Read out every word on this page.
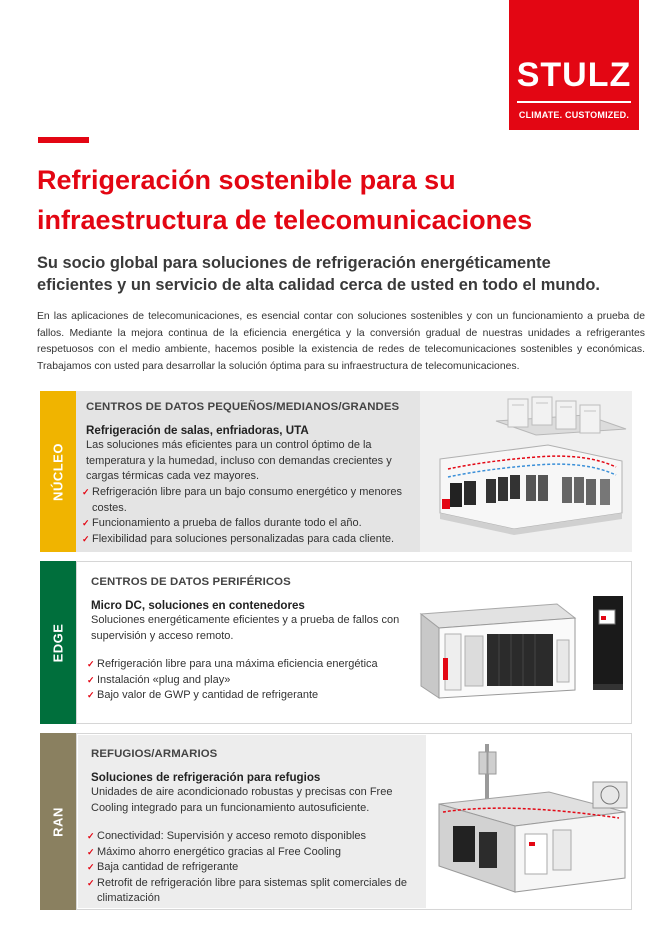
STULZ
CLIMATE. CUSTOMIZED.
Refrigeración sostenible para su
infraestructura de telecomunicaciones
Su socio global para soluciones de refrigeración energéticamente
eficientes y un servicio de alta calidad cerca de usted en todo el mundo.

En las aplicaciones de telecomunicaciones, es esencial contar con soluciones sostenibles y con un funcionamiento a prueba de fallos. Mediante la mejora continua de la eficiencia energética y la conversión gradual de nuestras unidades a refrigerantes respetuosos con el medio ambiente, hacemos posible la existencia de redes de telecomunicaciones sostenibles y económicas. Trabajamos con usted para desarrollar la solución óptima para su infraestructura de telecomunicaciones.

NÚCLEO
CENTROS DE DATOS PEQUEÑOS/MEDIANOS/GRANDES
Refrigeración de salas, enfriadoras, UTA
Las soluciones más eficientes para un control óptimo de la temperatura y la humedad, incluso con demandas crecientes y cargas térmicas cada vez mayores.
✓ Refrigeración libre para un bajo consumo energético y menores costes.
✓ Funcionamiento a prueba de fallos durante todo el año.
✓ Flexibilidad para soluciones personalizadas para cada cliente.
EDGE
CENTROS DE DATOS PERIFÉRICOS
Micro DC, soluciones en contenedores
Soluciones energéticamente eficientes y a prueba de fallos con supervisión y acceso remoto.
✓ Refrigeración libre para una máxima eficiencia energética
✓ Instalación «plug and play»
✓ Bajo valor de GWP y cantidad de refrigerante
RAN
REFUGIOS/ARMARIOS
Soluciones de refrigeración para refugios
Unidades de aire acondicionado robustas y precisas con Free Cooling integrado para un funcionamiento autosuficiente.
✓ Conectividad: Supervisión y acceso remoto disponibles
✓ Máximo ahorro energético gracias al Free Cooling
✓ Baja cantidad de refrigerante
✓ Retrofit de refrigeración libre para sistemas split comerciales de climatización
